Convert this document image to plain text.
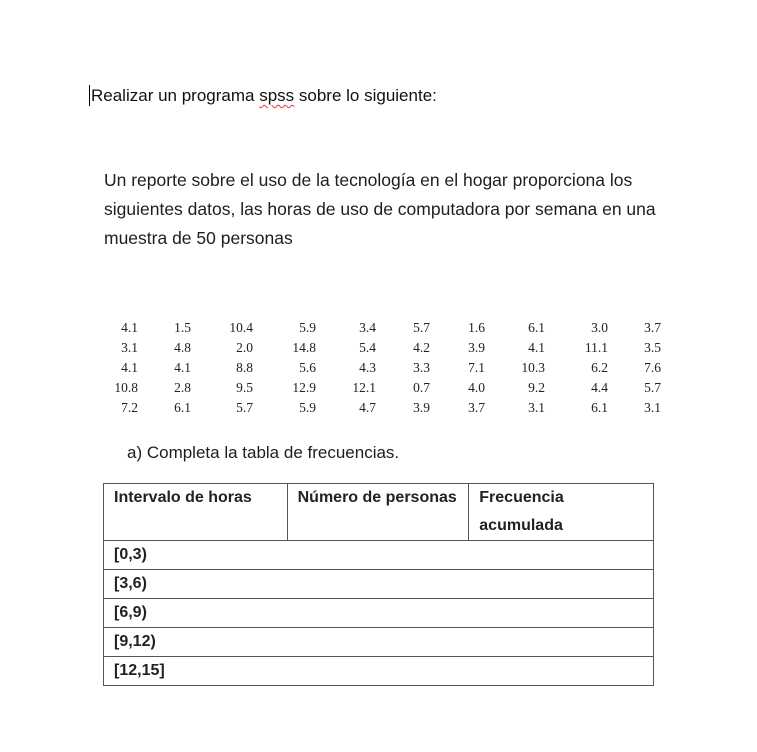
Realizar un programa spss sobre lo siguiente:
Un reporte sobre el uso de la tecnología en el hogar proporciona los siguientes datos, las horas de uso de computadora por semana en una muestra de 50 personas
4.1	1.5	10.4	5.9	3.4	5.7	1.6	6.1	3.0	3.7
3.1	4.8	2.0	14.8	5.4	4.2	3.9	4.1	11.1	3.5
4.1	4.1	8.8	5.6	4.3	3.3	7.1	10.3	6.2	7.6
10.8	2.8	9.5	12.9	12.1	0.7	4.0	9.2	4.4	5.7
7.2	6.1	5.7	5.9	4.7	3.9	3.7	3.1	6.1	3.1
a) Completa la tabla de frecuencias.
Intervalo de horas	Número de personas	Frecuencia acumulada
[0,3)
[3,6)
[6,9)
[9,12)
[12,15]
